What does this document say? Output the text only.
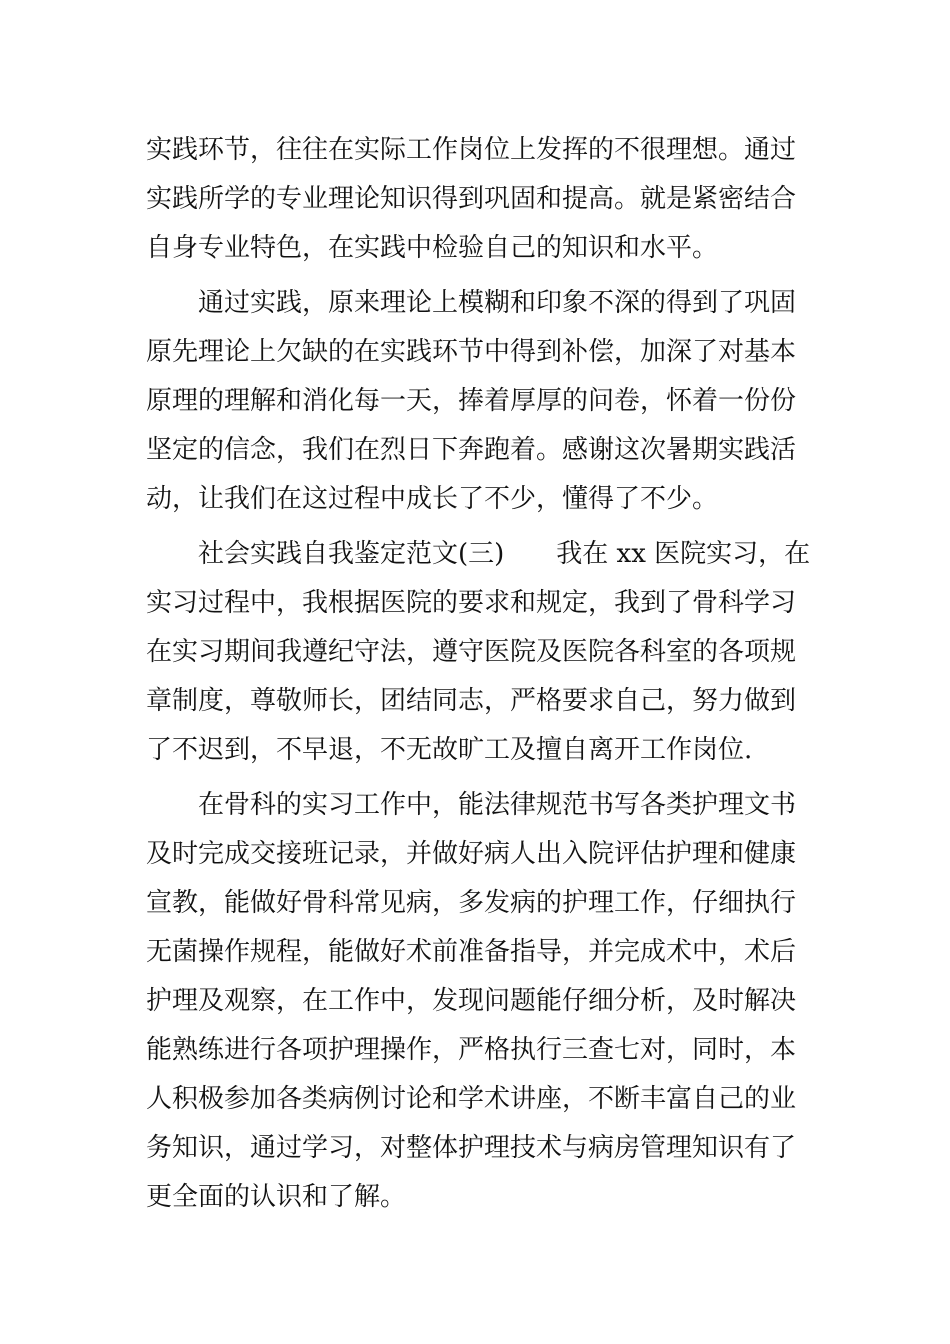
实践环节，往往在实际工作岗位上发挥的不很理想。通过
实践所学的专业理论知识得到巩固和提高。就是紧密结合
自身专业特色，在实践中检验自己的知识和水平。
通过实践，原来理论上模糊和印象不深的得到了巩固
原先理论上欠缺的在实践环节中得到补偿，加深了对基本
原理的理解和消化每一天，捧着厚厚的问卷，怀着一份份
坚定的信念，我们在烈日下奔跑着。感谢这次暑期实践活
动，让我们在这过程中成长了不少，懂得了不少。
社会实践自我鉴定范文(三)　　我在 xx 医院实习，在
实习过程中，我根据医院的要求和规定，我到了骨科学习
在实习期间我遵纪守法，遵守医院及医院各科室的各项规
章制度，尊敬师长，团结同志，严格要求自己，努力做到
了不迟到，不早退，不无故旷工及擅自离开工作岗位.
在骨科的实习工作中，能法律规范书写各类护理文书
及时完成交接班记录，并做好病人出入院评估护理和健康
宣教，能做好骨科常见病，多发病的护理工作，仔细执行
无菌操作规程，能做好术前准备指导，并完成术中，术后
护理及观察，在工作中，发现问题能仔细分析，及时解决
能熟练进行各项护理操作，严格执行三查七对，同时，本
人积极参加各类病例讨论和学术讲座，不断丰富自己的业
务知识，通过学习，对整体护理技术与病房管理知识有了
更全面的认识和了解。
